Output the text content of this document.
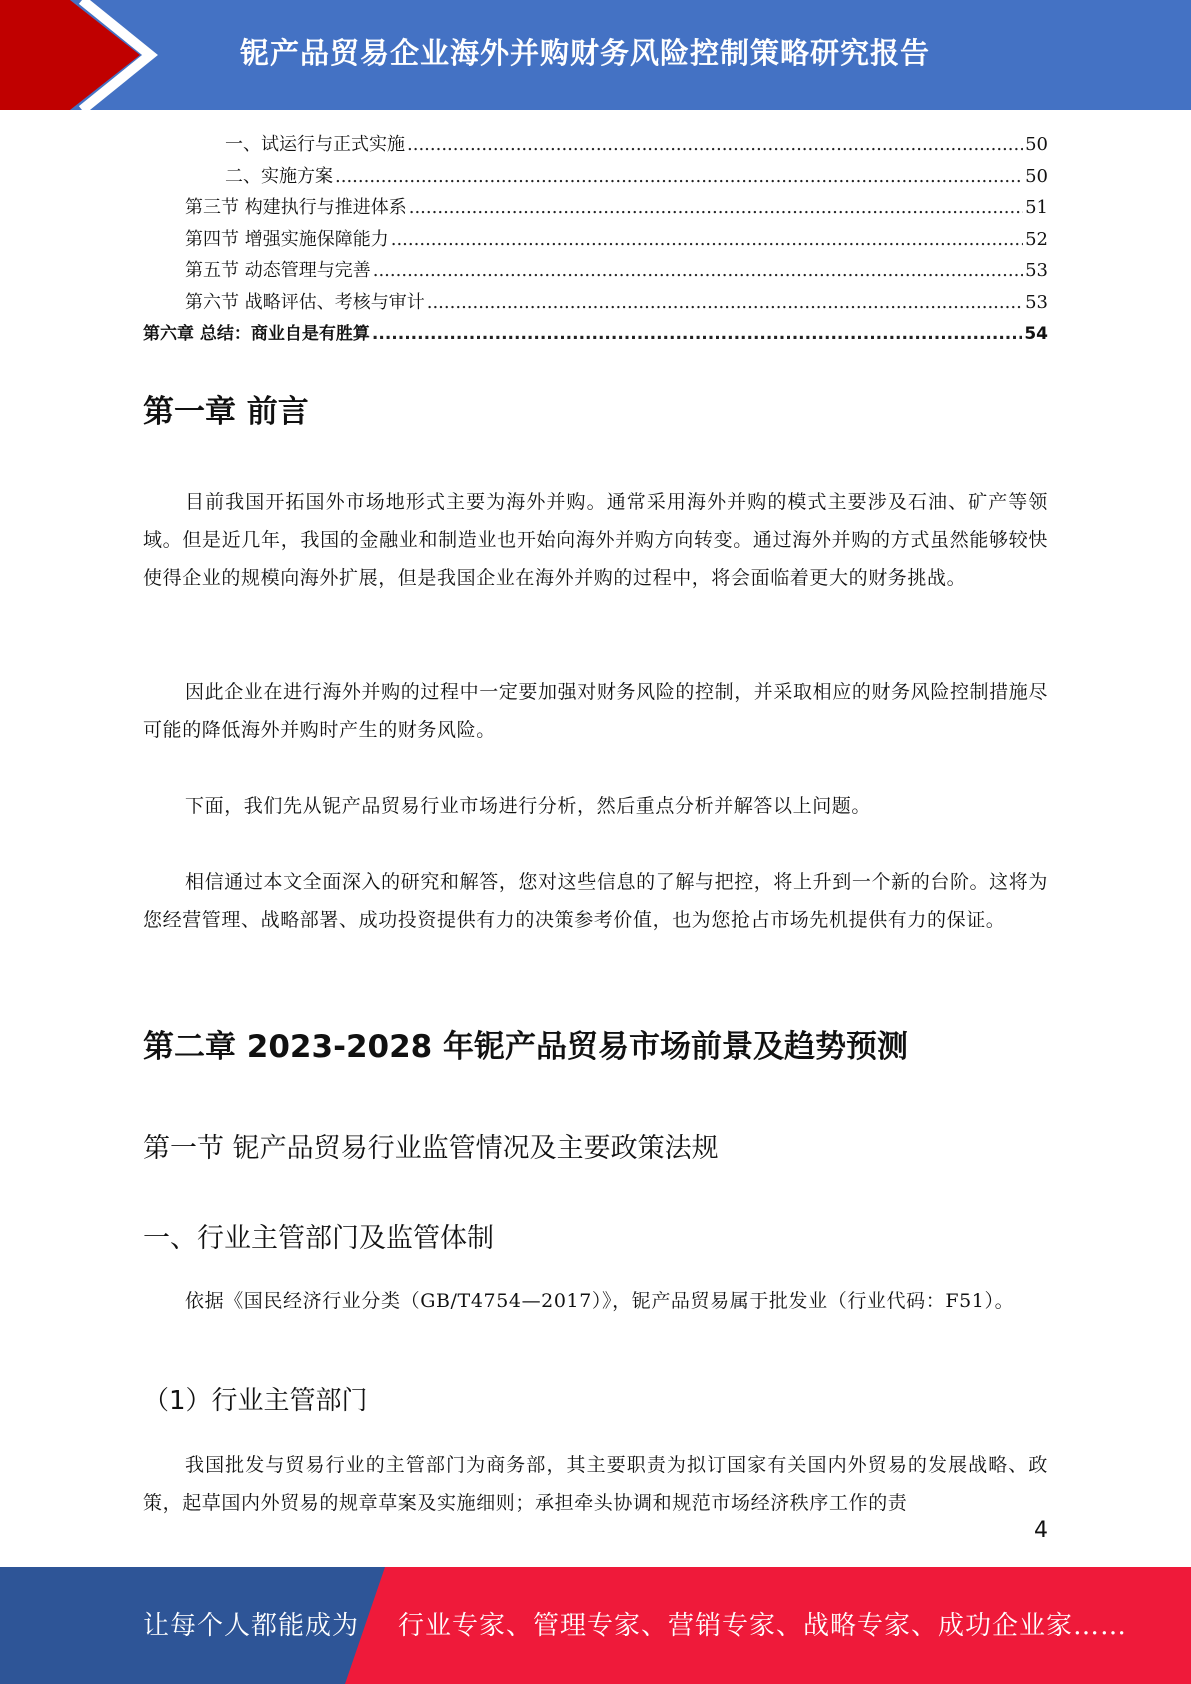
铌产品贸易企业海外并购财务风险控制策略研究报告
一、试运行与正式实施 .....	50
二、实施方案 .....	50
第三节 构建执行与推进体系 .....	51
第四节 增强实施保障能力 .....	52
第五节 动态管理与完善 .....	53
第六节 战略评估、考核与审计 .....	53
第六章 总结：商业自是有胜算 .....	54
第一章 前言

目前我国开拓国外市场地形式主要为海外并购。通常采用海外并购的模式主要涉及石油、矿产等领域。但是近几年，我国的金融业和制造业也开始向海外并购方向转变。通过海外并购的方式虽然能够较快使得企业的规模向海外扩展，但是我国企业在海外并购的过程中，将会面临着更大的财务挑战。

因此企业在进行海外并购的过程中一定要加强对财务风险的控制，并采取相应的财务风险控制措施尽可能的降低海外并购时产生的财务风险。

下面，我们先从铌产品贸易行业市场进行分析，然后重点分析并解答以上问题。

相信通过本文全面深入的研究和解答，您对这些信息的了解与把控，将上升到一个新的台阶。这将为您经营管理、战略部署、成功投资提供有力的决策参考价值，也为您抢占市场先机提供有力的保证。

第二章 2023-2028 年铌产品贸易市场前景及趋势预测
第一节 铌产品贸易行业监管情况及主要政策法规
一、行业主管部门及监管体制

依据《国民经济行业分类（GB/T4754—2017）》，铌产品贸易属于批发业（行业代码：F51）。

（1）行业主管部门

我国批发与贸易行业的主管部门为商务部，其主要职责为拟订国家有关国内外贸易的发展战略、政策，起草国内外贸易的规章草案及实施细则；承担牵头协调和规范市场经济秩序工作的责

4
让每个人都能成为 行业专家、管理专家、营销专家、战略专家、成功企业家……
